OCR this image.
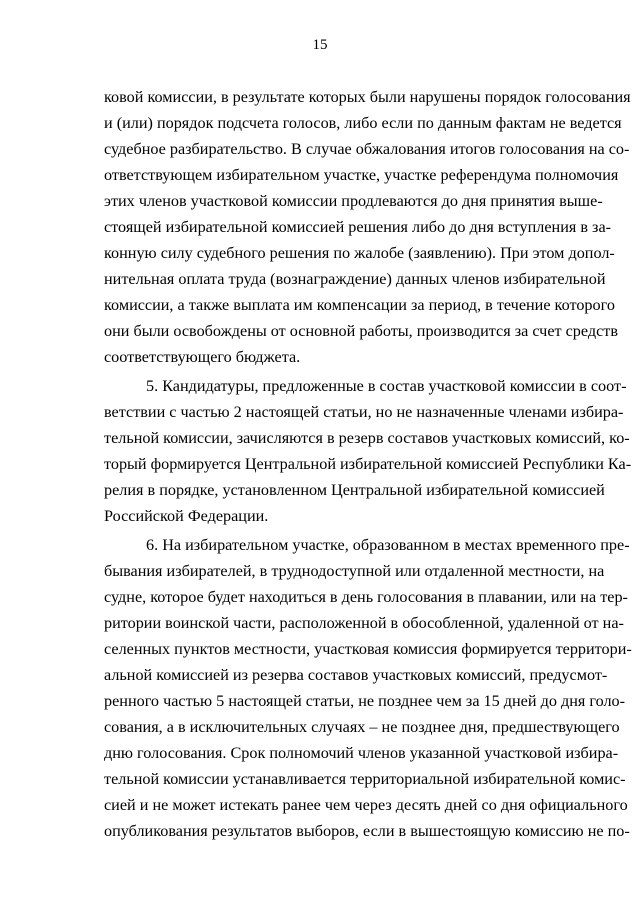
15
ковой комиссии, в результате которых были нарушены порядок голосования
и (или) порядок подсчета голосов, либо если по данным фактам не ведется
судебное разбирательство. В случае обжалования итогов голосования на со-
ответствующем избирательном участке, участке референдума полномочия
этих членов участковой комиссии продлеваются до дня принятия выше-
стоящей избирательной комиссией решения либо до дня вступления в за-
конную силу судебного решения по жалобе (заявлению). При этом допол-
нительная оплата труда (вознаграждение) данных членов избирательной
комиссии, а также выплата им компенсации за период, в течение которого
они были освобождены от основной работы, производится за счет средств
соответствующего бюджета.
5. Кандидатуры, предложенные в состав участковой комиссии в соот-
ветствии с частью 2 настоящей статьи, но не назначенные членами избира-
тельной комиссии, зачисляются в резерв составов участковых комиссий, ко-
торый формируется Центральной избирательной комиссией Республики Ка-
релия в порядке, установленном Центральной избирательной комиссией
Российской Федерации.
6. На избирательном участке, образованном в местах временного пре-
бывания избирателей, в труднодоступной или отдаленной местности, на
судне, которое будет находиться в день голосования в плавании, или на тер-
ритории воинской части, расположенной в обособленной, удаленной от на-
селенных пунктов местности, участковая комиссия формируется территори-
альной комиссией из резерва составов участковых комиссий, предусмот-
ренного частью 5 настоящей статьи, не позднее чем за 15 дней до дня голо-
сования, а в исключительных случаях – не позднее дня, предшествующего
дню голосования. Срок полномочий членов указанной участковой избира-
тельной комиссии устанавливается территориальной избирательной комис-
сией и не может истекать ранее чем через десять дней со дня официального
опубликования результатов выборов, если в вышестоящую комиссию не по-
